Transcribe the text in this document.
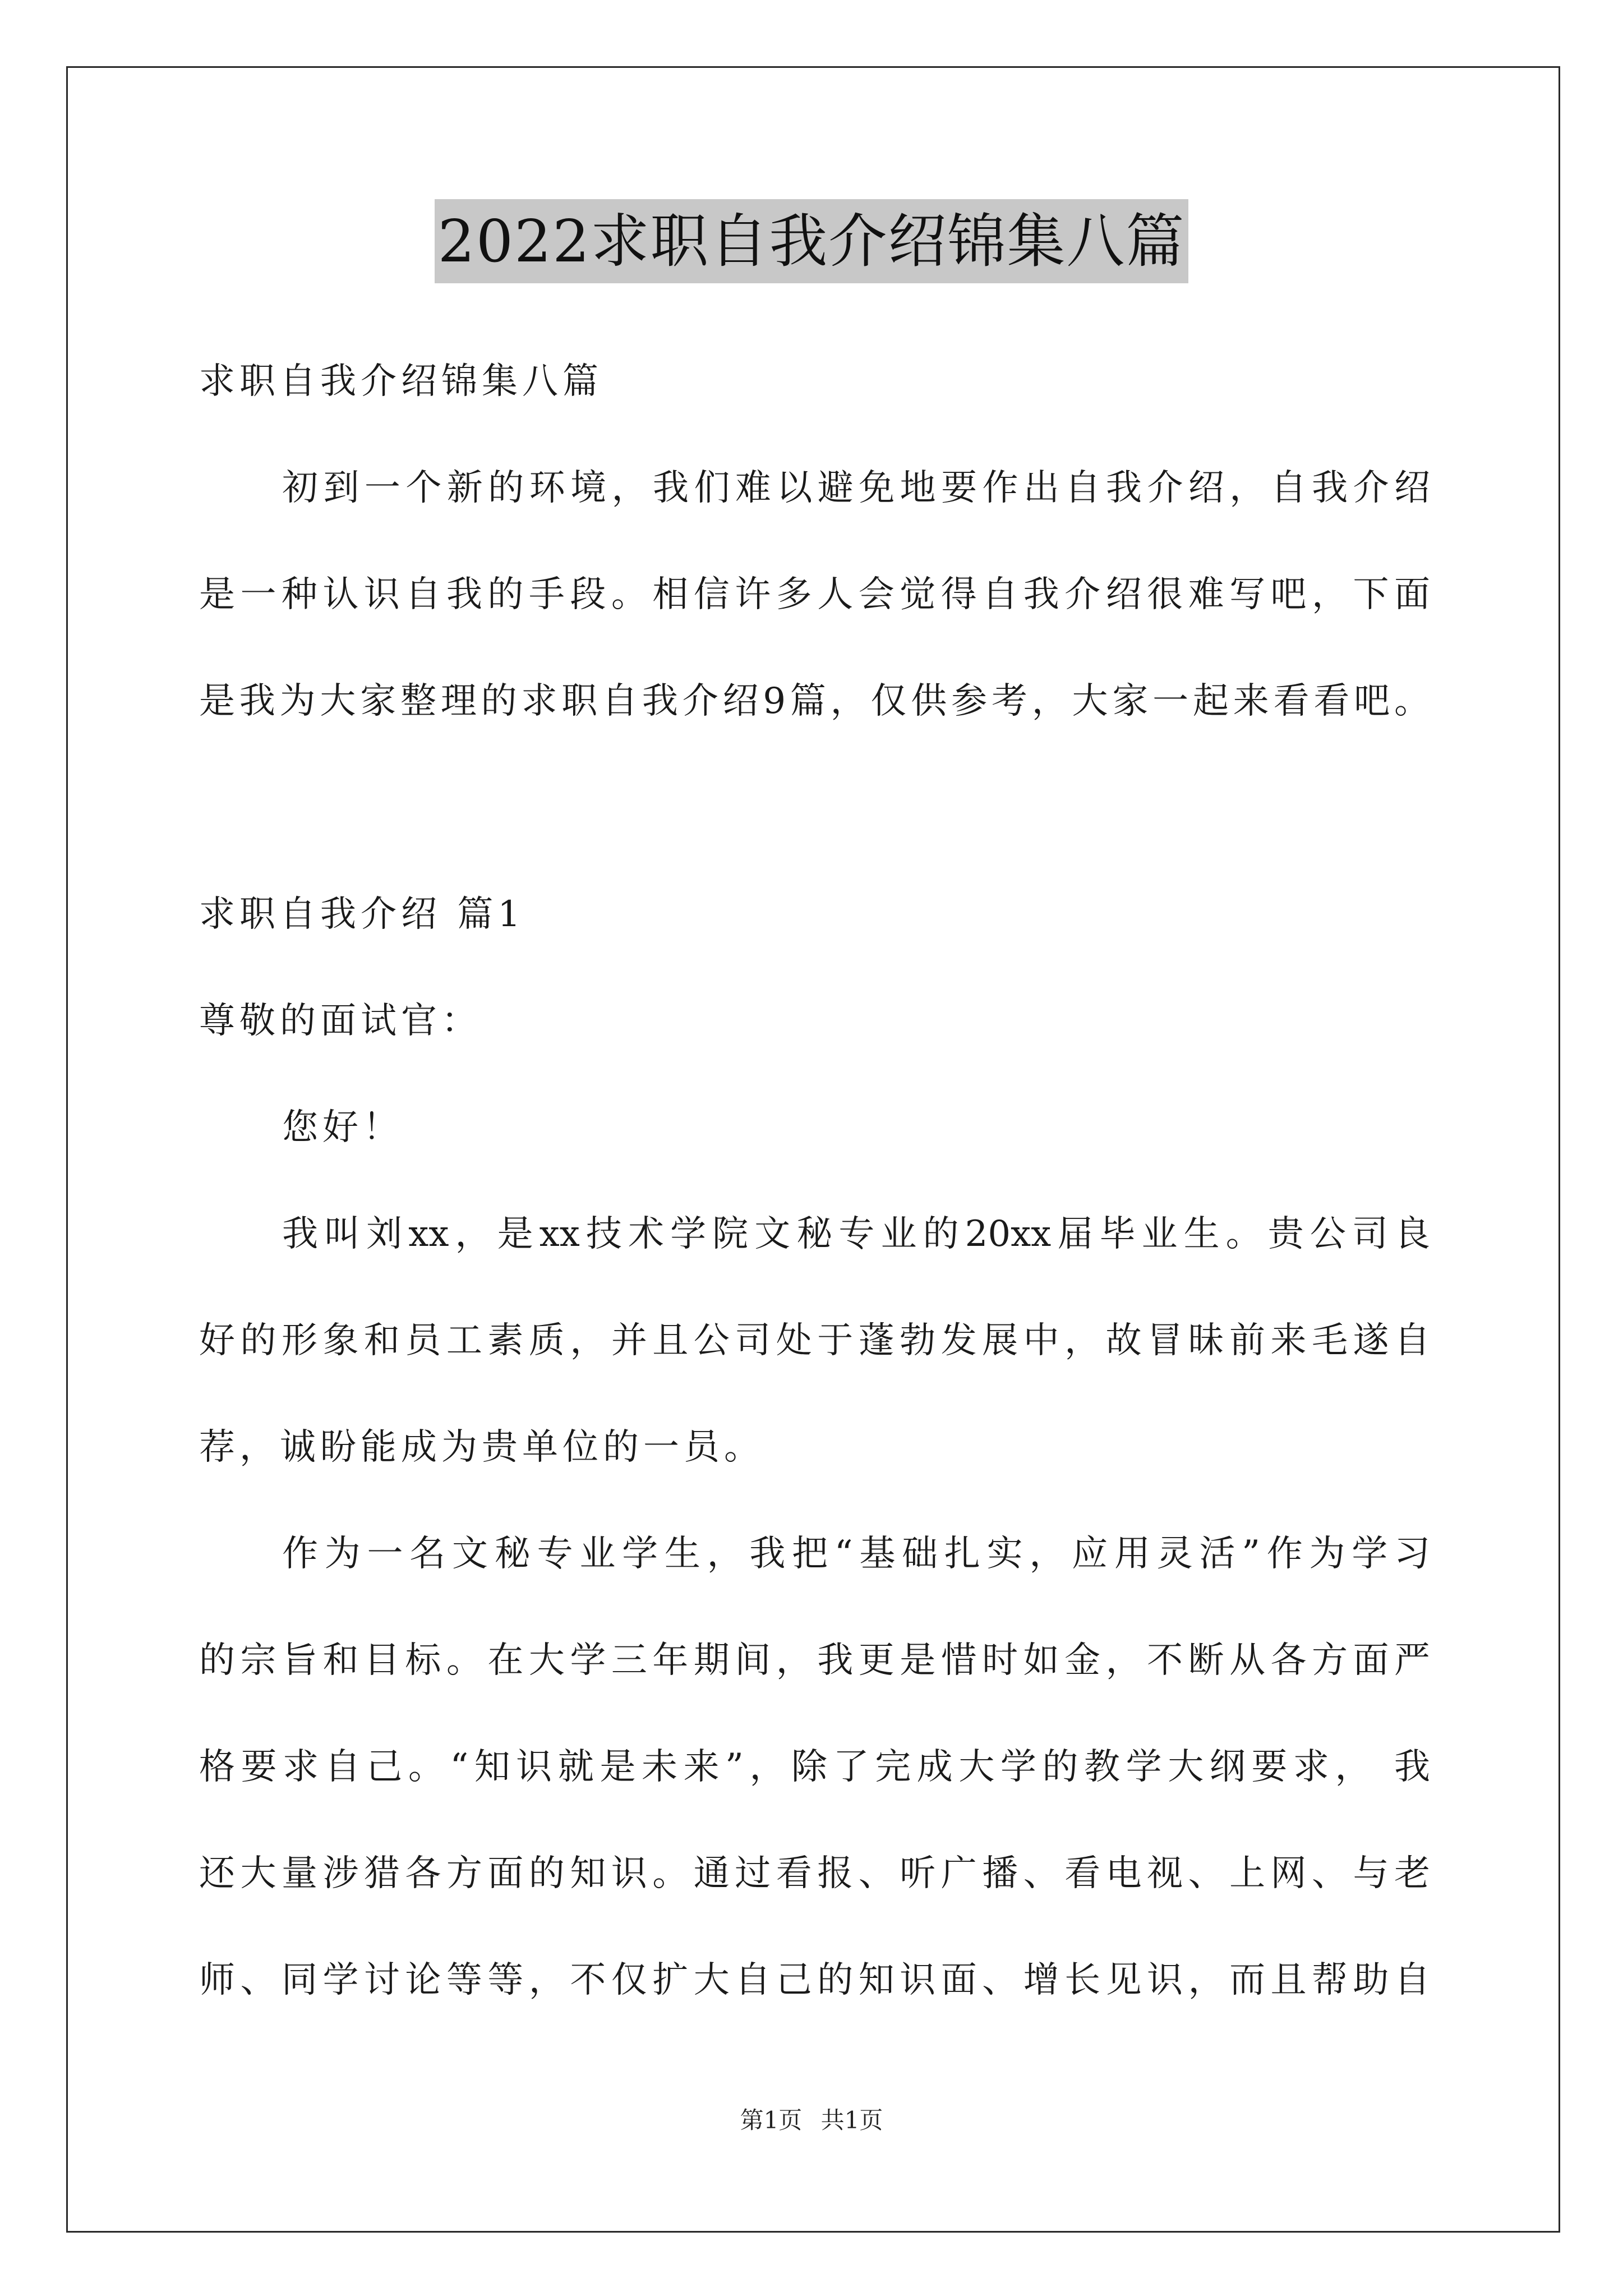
2022求职自我介绍锦集八篇
求职自我介绍锦集八篇
初到一个新的环境，我们难以避免地要作出自我介绍，自我介绍
是一种认识自我的手段。相信许多人会觉得自我介绍很难写吧，下面
是我为大家整理的求职自我介绍9篇，仅供参考，大家一起来看看吧。
求职自我介绍 篇1
尊敬的面试官：
您好！
我叫刘xx，是xx技术学院文秘专业的20xx届毕业生。贵公司良
好的形象和员工素质，并且公司处于蓬勃发展中，故冒昧前来毛遂自
荐，诚盼能成为贵单位的一员。
作为一名文秘专业学生，我把“基础扎实，应用灵活”作为学习
的宗旨和目标。在大学三年期间，我更是惜时如金，不断从各方面严
格要求自己。“知识就是未来”，除了完成大学的教学大纲要求， 我
还大量涉猎各方面的知识。通过看报、听广播、看电视、上网、与老
师、同学讨论等等，不仅扩大自己的知识面、增长见识，而且帮助自
第1页 共1页
